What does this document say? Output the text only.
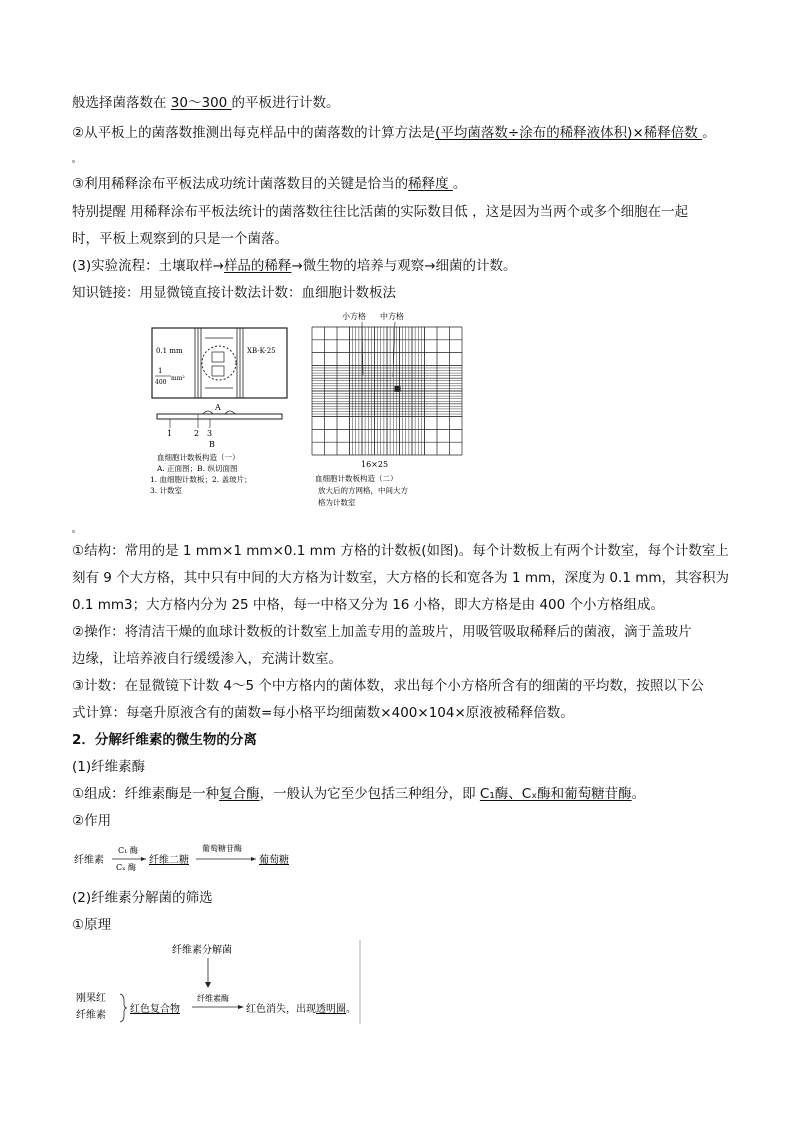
般选择菌落数在 30～300 的平板进行计数。
②从平板上的菌落数推测出每克样品中的菌落数的计算方法是(平均菌落数÷涂布的稀释液体积)×稀释倍数 。
③利用稀释涂布平板法成功统计菌落数目的关键是恰当的稀释度 。
特别提醒 用稀释涂布平板法统计的菌落数往往比活菌的实际数目低 ，这是因为当两个或多个细胞在一起
时，平板上观察到的只是一个菌落。
(3)实验流程：土壤取样→样品的稀释→微生物的培养与观察→细菌的计数。
知识链接：用显微镜直接计数法计数：血细胞计数板法
0.1 mm
1
400
mm²
XB-K-25
A
1	2 3
B
血细胞计数板构造（一）
A. 正面图；B. 纵切面图
1. 血细胞计数板；2. 盖玻片；
3. 计数室
小方格 中方格
16×25
血细胞计数板构造（二）
放大后的方网格，中间大方
格为计数室
①结构：常用的是 1 mm×1 mm×0.1 mm 方格的计数板(如图)。每个计数板上有两个计数室，每个计数室上
刻有 9 个大方格，其中只有中间的大方格为计数室，大方格的长和宽各为 1 mm，深度为 0.1 mm，其容积为
0.1 mm3；大方格内分为 25 中格，每一中格又分为 16 小格，即大方格是由 400 个小方格组成。
②操作：将清洁干燥的血球计数板的计数室上加盖专用的盖玻片，用吸管吸取稀释后的菌液，滴于盖玻片
边缘，让培养液自行缓缓渗入，充满计数室。
③计数：在显微镜下计数 4～5 个中方格内的菌体数，求出每个小方格所含有的细菌的平均数，按照以下公
式计算：每毫升原液含有的菌数=每小格平均细菌数×400×104×原液被稀释倍数。
2．分解纤维素的微生物的分离
(1)纤维素酶
①组成：纤维素酶是一种复合酶，一般认为它至少包括三种组分，即 C₁酶、Cₓ酶和葡萄糖苷酶。
②作用
纤维素
C₁ 酶
Cₓ 酶
纤维二糖
葡萄糖苷酶
葡萄糖
(2)纤维素分解菌的筛选
①原理
纤维素分解菌
刚果红
纤维素
红色复合物
纤维素酶
红色消失，出现透明圈。
